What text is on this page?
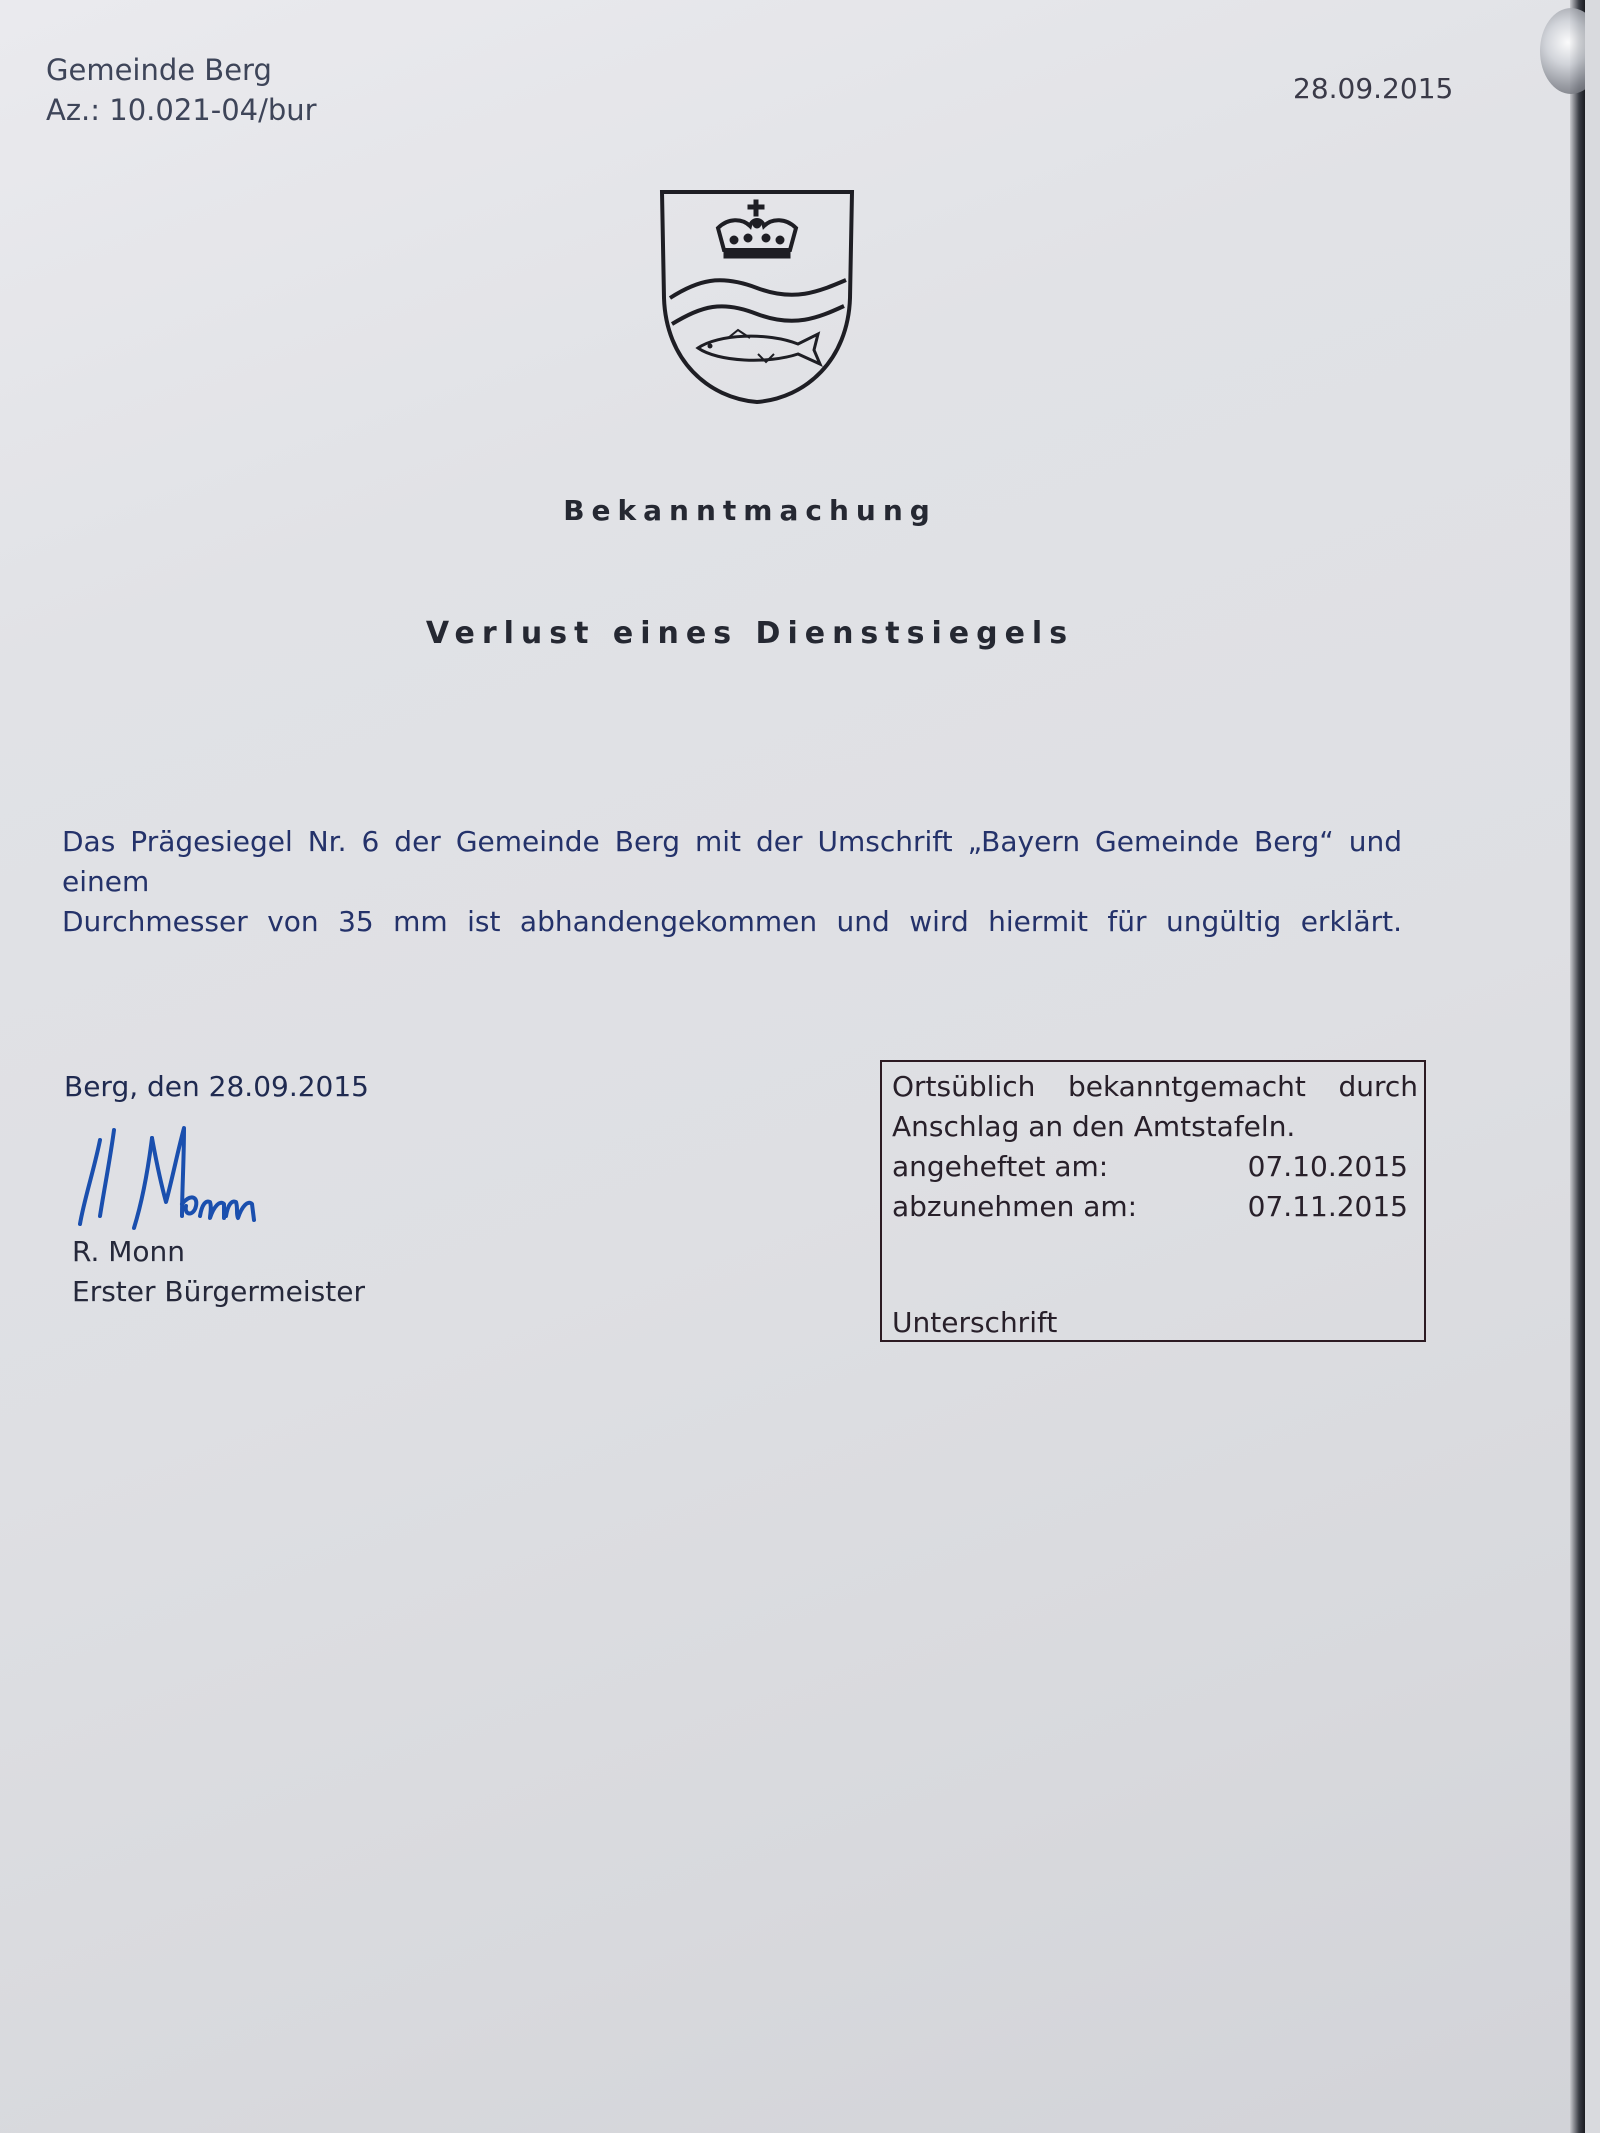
Gemeinde Berg
Az.: 10.021-04/bur
28.09.2015
Bekanntmachung
Verlust eines Dienstsiegels
Das Prägesiegel Nr. 6 der Gemeinde Berg mit der Umschrift „Bayern Gemeinde Berg“ und einem
Durchmesser von 35 mm ist abhandengekommen und wird hiermit für ungültig erklärt.
Berg, den 28.09.2015
R. Monn
Erster Bürgermeister
Ortsüblich bekanntgemacht durch
Anschlag an den Amtstafeln.
angeheftet am:	07.10.2015
abzunehmen am:	07.11.2015
Unterschrift
